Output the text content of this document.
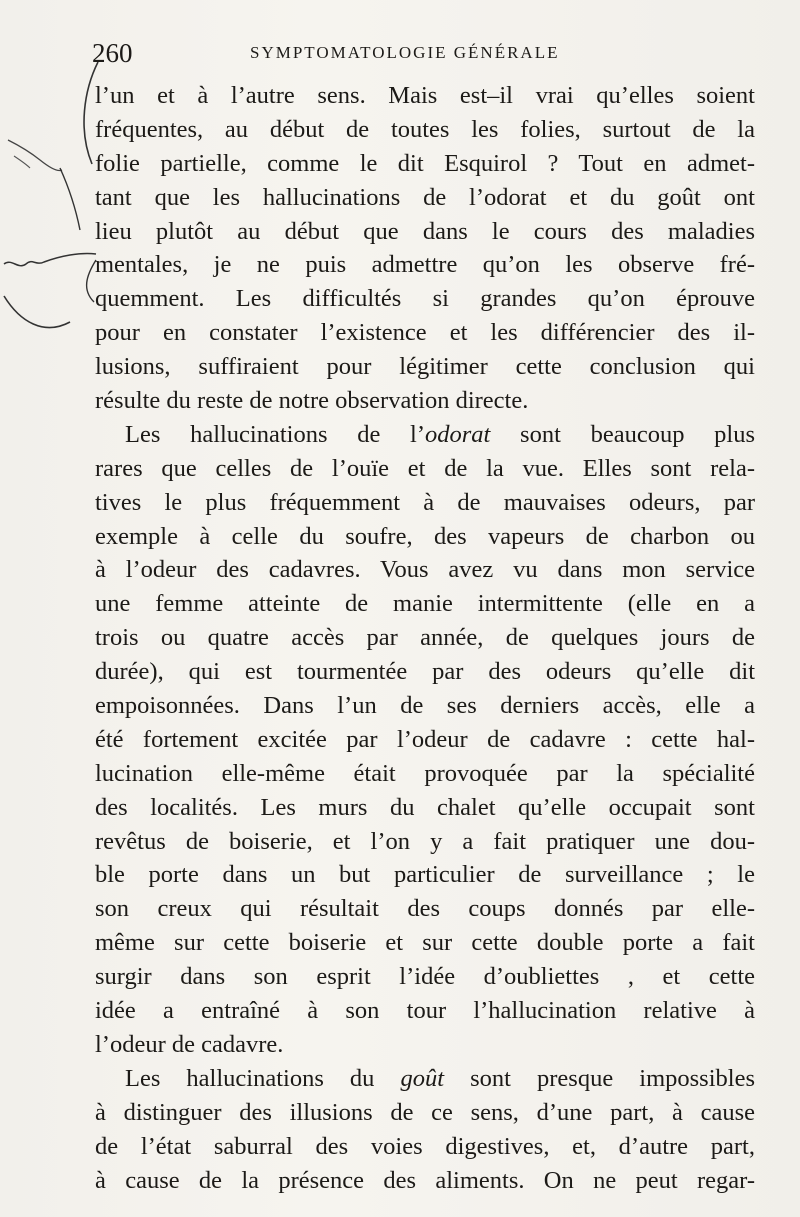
260	SYMPTOMATOLOGIE GÉNÉRALE
l’un et à l’autre sens. Mais est–il vrai qu’elles soient
fréquentes, au début de toutes les folies, surtout de la
folie partielle, comme le dit Esquirol ? Tout en admet-
tant que les hallucinations de l’odorat et du goût ont
lieu plutôt au début que dans le cours des maladies
mentales, je ne puis admettre qu’on les observe fré-
quemment. Les difficultés si grandes qu’on éprouve
pour en constater l’existence et les différencier des il-
lusions, suffiraient pour légitimer cette conclusion qui
résulte du reste de notre observation directe.
Les hallucinations de l’odorat sont beaucoup plus
rares que celles de l’ouïe et de la vue. Elles sont rela-
tives le plus fréquemment à de mauvaises odeurs, par
exemple à celle du soufre, des vapeurs de charbon ou
à l’odeur des cadavres. Vous avez vu dans mon service
une femme atteinte de manie intermittente (elle en a
trois ou quatre accès par année, de quelques jours de
durée), qui est tourmentée par des odeurs qu’elle dit
empoisonnées. Dans l’un de ses derniers accès, elle a
été fortement excitée par l’odeur de cadavre : cette hal-
lucination elle-même était provoquée par la spécialité
des localités. Les murs du chalet qu’elle occupait sont
revêtus de boiserie, et l’on y a fait pratiquer une dou-
ble porte dans un but particulier de surveillance ; le
son creux qui résultait des coups donnés par elle-
même sur cette boiserie et sur cette double porte a fait
surgir dans son esprit l’idée d’oubliettes , et cette
idée a entraîné à son tour l’hallucination relative à
l’odeur de cadavre.
Les hallucinations du goût sont presque impossibles
à distinguer des illusions de ce sens, d’une part, à cause
de l’état saburral des voies digestives, et, d’autre part,
à cause de la présence des aliments. On ne peut regar-
